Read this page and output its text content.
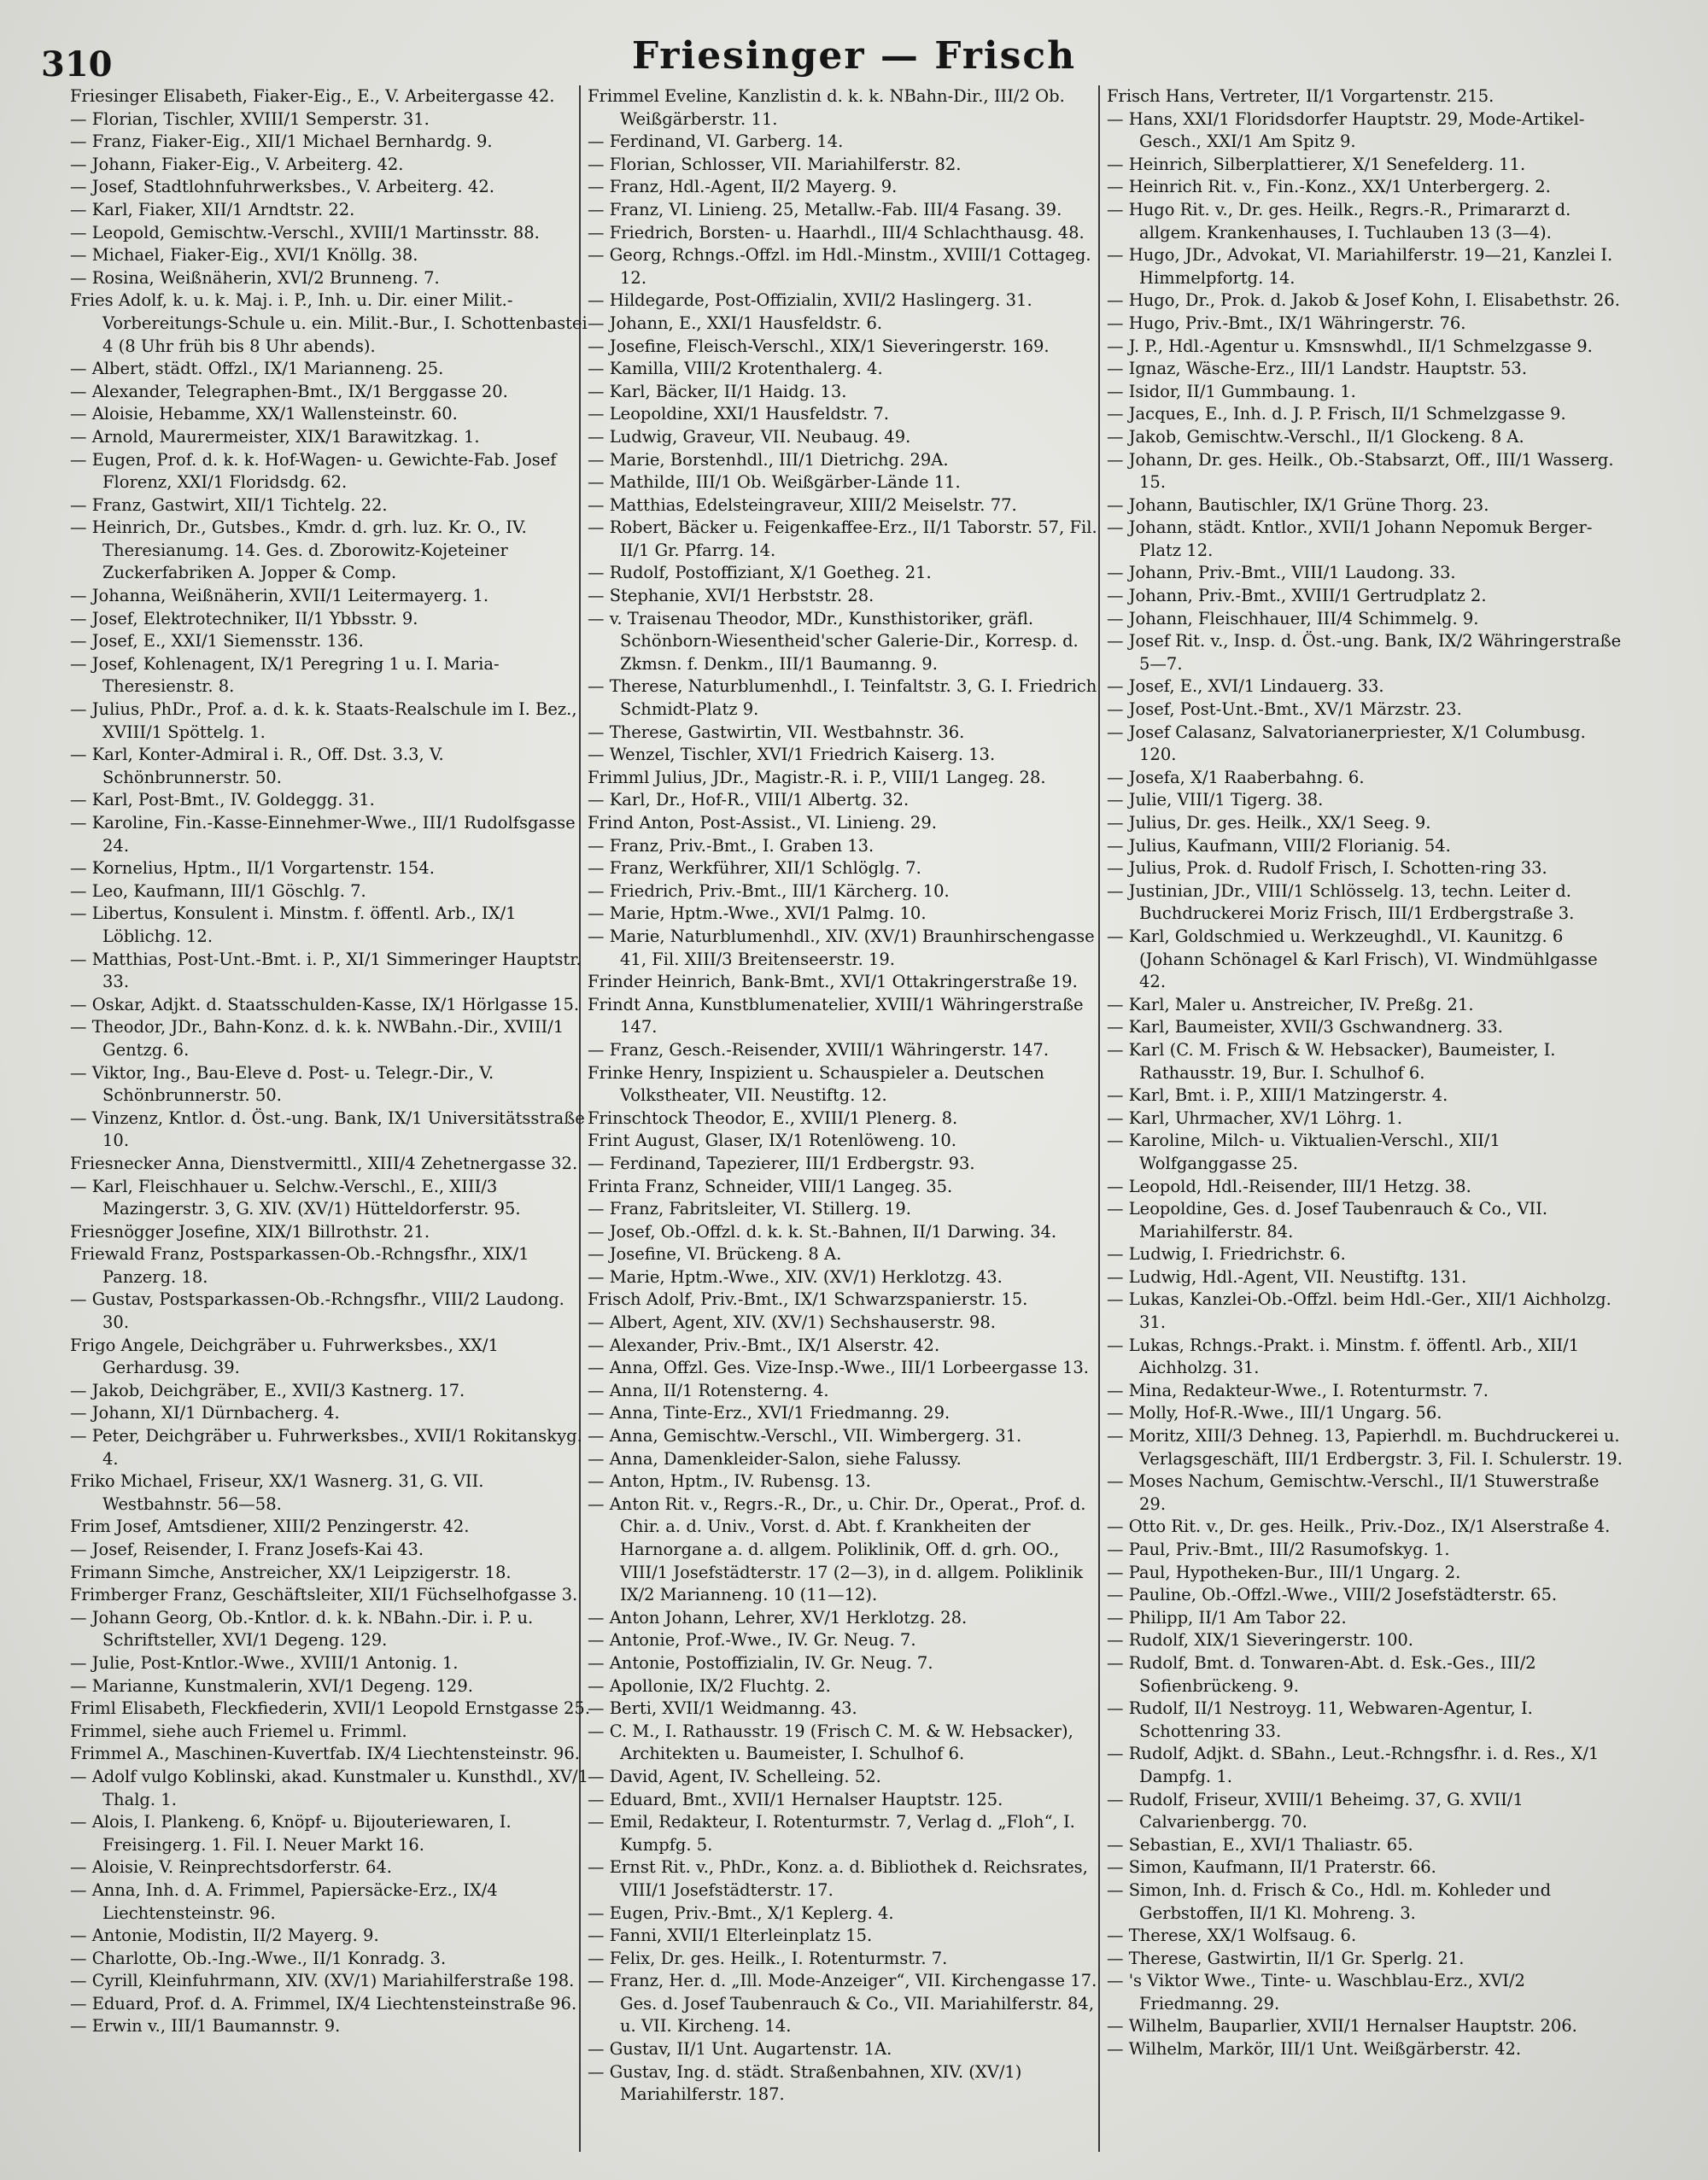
310	Friesinger — Frisch

Friesinger Elisabeth, Fiaker-Eig., E., V. Arbeitergasse 42.

— Florian, Tischler, XVIII/1 Semperstr. 31.

— Franz, Fiaker-Eig., XII/1 Michael Bernhardg. 9.

— Johann, Fiaker-Eig., V. Arbeiterg. 42.

— Josef, Stadtlohnfuhrwerksbes., V. Arbeiterg. 42.

— Karl, Fiaker, XII/1 Arndtstr. 22.

— Leopold, Gemischtw.-Verschl., XVIII/1 Martinsstr. 88.

— Michael, Fiaker-Eig., XVI/1 Knöllg. 38.

— Rosina, Weißnäherin, XVI/2 Brunneng. 7.

Fries Adolf, k. u. k. Maj. i. P., Inh. u. Dir. einer Milit.-Vorbereitungs-Schule u. ein. Milit.-Bur., I. Schottenbastei 4 (8 Uhr früh bis 8 Uhr abends).

— Albert, städt. Offzl., IX/1 Marianneng. 25.

— Alexander, Telegraphen-Bmt., IX/1 Berggasse 20.

— Aloisie, Hebamme, XX/1 Wallensteinstr. 60.

— Arnold, Maurermeister, XIX/1 Barawitzkag. 1.

— Eugen, Prof. d. k. k. Hof-Wagen- u. Gewichte-Fab. Josef Florenz, XXI/1 Floridsdg. 62.

— Franz, Gastwirt, XII/1 Tichtelg. 22.

— Heinrich, Dr., Gutsbes., Kmdr. d. grh. luz. Kr. O., IV. Theresianumg. 14. Ges. d. Zborowitz-Kojeteiner Zuckerfabriken A. Jopper & Comp.

— Johanna, Weißnäherin, XVII/1 Leitermayerg. 1.

— Josef, Elektrotechniker, II/1 Ybbsstr. 9.

— Josef, E., XXI/1 Siemensstr. 136.

— Josef, Kohlenagent, IX/1 Peregring 1 u. I. Maria-Theresienstr. 8.

— Julius, PhDr., Prof. a. d. k. k. Staats-Realschule im I. Bez., XVIII/1 Spöttelg. 1.

— Karl, Konter-Admiral i. R., Off. Dst. 3.3, V. Schönbrunnerstr. 50.

— Karl, Post-Bmt., IV. Goldeggg. 31.

— Karoline, Fin.-Kasse-Einnehmer-Wwe., III/1 Rudolfsgasse 24.

— Kornelius, Hptm., II/1 Vorgartenstr. 154.

— Leo, Kaufmann, III/1 Göschlg. 7.

— Libertus, Konsulent i. Minstm. f. öffentl. Arb., IX/1 Löblichg. 12.

— Matthias, Post-Unt.-Bmt. i. P., XI/1 Simmeringer Hauptstr. 33.

— Oskar, Adjkt. d. Staatsschulden-Kasse, IX/1 Hörlgasse 15.

— Theodor, JDr., Bahn-Konz. d. k. k. NWBahn.-Dir., XVIII/1 Gentzg. 6.

— Viktor, Ing., Bau-Eleve d. Post- u. Telegr.-Dir., V. Schönbrunnerstr. 50.

— Vinzenz, Kntlor. d. Öst.-ung. Bank, IX/1 Universitätsstraße 10.

Friesnecker Anna, Dienstvermittl., XIII/4 Zehetnergasse 32.

— Karl, Fleischhauer u. Selchw.-Verschl., E., XIII/3 Mazingerstr. 3, G. XIV. (XV/1) Hütteldorferstr. 95.

Friesnögger Josefine, XIX/1 Billrothstr. 21.

Friewald Franz, Postsparkassen-Ob.-Rchngsfhr., XIX/1 Panzerg. 18.

— Gustav, Postsparkassen-Ob.-Rchngsfhr., VIII/2 Laudong. 30.

Frigo Angele, Deichgräber u. Fuhrwerksbes., XX/1 Gerhardusg. 39.

— Jakob, Deichgräber, E., XVII/3 Kastnerg. 17.

— Johann, XI/1 Dürnbacherg. 4.

— Peter, Deichgräber u. Fuhrwerksbes., XVII/1 Rokitanskyg. 4.

Friko Michael, Friseur, XX/1 Wasnerg. 31, G. VII. Westbahnstr. 56—58.

Frim Josef, Amtsdiener, XIII/2 Penzingerstr. 42.

— Josef, Reisender, I. Franz Josefs-Kai 43.

Frimann Simche, Anstreicher, XX/1 Leipzigerstr. 18.

Frimberger Franz, Geschäftsleiter, XII/1 Füchselhofgasse 3.

— Johann Georg, Ob.-Kntlor. d. k. k. NBahn.-Dir. i. P. u. Schriftsteller, XVI/1 Degeng. 129.

— Julie, Post-Kntlor.-Wwe., XVIII/1 Antonig. 1.

— Marianne, Kunstmalerin, XVI/1 Degeng. 129.

Friml Elisabeth, Fleckfiederin, XVII/1 Leopold Ernstgasse 25.

Frimmel, siehe auch Friemel u. Frimml.

Frimmel A., Maschinen-Kuvertfab. IX/4 Liechtensteinstr. 96.

— Adolf vulgo Koblinski, akad. Kunstmaler u. Kunsthdl., XV/1 Thalg. 1.

— Alois, I. Plankeng. 6, Knöpf- u. Bijouteriewaren, I. Freisingerg. 1. Fil. I. Neuer Markt 16.

— Aloisie, V. Reinprechtsdorferstr. 64.

— Anna, Inh. d. A. Frimmel, Papiersäcke-Erz., IX/4 Liechtensteinstr. 96.

— Antonie, Modistin, II/2 Mayerg. 9.

— Charlotte, Ob.-Ing.-Wwe., II/1 Konradg. 3.

— Cyrill, Kleinfuhrmann, XIV. (XV/1) Mariahilferstraße 198.

— Eduard, Prof. d. A. Frimmel, IX/4 Liechtensteinstraße 96.

— Erwin v., III/1 Baumannstr. 9.

Frimmel Eveline, Kanzlistin d. k. k. NBahn-Dir., III/2 Ob. Weißgärberstr. 11.

— Ferdinand, VI. Garberg. 14.

— Florian, Schlosser, VII. Mariahilferstr. 82.

— Franz, Hdl.-Agent, II/2 Mayerg. 9.

— Franz, VI. Linieng. 25, Metallw.-Fab. III/4 Fasang. 39.

— Friedrich, Borsten- u. Haarhdl., III/4 Schlachthausg. 48.

— Georg, Rchngs.-Offzl. im Hdl.-Minstm., XVIII/1 Cottageg. 12.

— Hildegarde, Post-Offizialin, XVII/2 Haslingerg. 31.

— Johann, E., XXI/1 Hausfeldstr. 6.

— Josefine, Fleisch-Verschl., XIX/1 Sieveringerstr. 169.

— Kamilla, VIII/2 Krotenthalerg. 4.

— Karl, Bäcker, II/1 Haidg. 13.

— Leopoldine, XXI/1 Hausfeldstr. 7.

— Ludwig, Graveur, VII. Neubaug. 49.

— Marie, Borstenhdl., III/1 Dietrichg. 29A.

— Mathilde, III/1 Ob. Weißgärber-Lände 11.

— Matthias, Edelsteingraveur, XIII/2 Meiselstr. 77.

— Robert, Bäcker u. Feigenkaffee-Erz., II/1 Taborstr. 57, Fil. II/1 Gr. Pfarrg. 14.

— Rudolf, Postoffiziant, X/1 Goetheg. 21.

— Stephanie, XVI/1 Herbststr. 28.

— v. Traisenau Theodor, MDr., Kunsthistoriker, gräfl. Schönborn-Wiesentheid'scher Galerie-Dir., Korresp. d. Zkmsn. f. Denkm., III/1 Baumanng. 9.

— Therese, Naturblumenhdl., I. Teinfaltstr. 3, G. I. Friedrich Schmidt-Platz 9.

— Therese, Gastwirtin, VII. Westbahnstr. 36.

— Wenzel, Tischler, XVI/1 Friedrich Kaiserg. 13.

Frimml Julius, JDr., Magistr.-R. i. P., VIII/1 Langeg. 28.

— Karl, Dr., Hof-R., VIII/1 Albertg. 32.

Frind Anton, Post-Assist., VI. Linieng. 29.

— Franz, Priv.-Bmt., I. Graben 13.

— Franz, Werkführer, XII/1 Schlöglg. 7.

— Friedrich, Priv.-Bmt., III/1 Kärcherg. 10.

— Marie, Hptm.-Wwe., XVI/1 Palmg. 10.

— Marie, Naturblumenhdl., XIV. (XV/1) Braunhirschengasse 41, Fil. XIII/3 Breitenseerstr. 19.

Frinder Heinrich, Bank-Bmt., XVI/1 Ottakringerstraße 19.

Frindt Anna, Kunstblumenatelier, XVIII/1 Währingerstraße 147.

— Franz, Gesch.-Reisender, XVIII/1 Währingerstr. 147.

Frinke Henry, Inspizient u. Schauspieler a. Deutschen Volkstheater, VII. Neustiftg. 12.

Frinschtock Theodor, E., XVIII/1 Plenerg. 8.

Frint August, Glaser, IX/1 Rotenlöweng. 10.

— Ferdinand, Tapezierer, III/1 Erdbergstr. 93.

Frinta Franz, Schneider, VIII/1 Langeg. 35.

— Franz, Fabritsleiter, VI. Stillerg. 19.

— Josef, Ob.-Offzl. d. k. k. St.-Bahnen, II/1 Darwing. 34.

— Josefine, VI. Brückeng. 8 A.

— Marie, Hptm.-Wwe., XIV. (XV/1) Herklotzg. 43.

Frisch Adolf, Priv.-Bmt., IX/1 Schwarzspanierstr. 15.

— Albert, Agent, XIV. (XV/1) Sechshauserstr. 98.

— Alexander, Priv.-Bmt., IX/1 Alserstr. 42.

— Anna, Offzl. Ges. Vize-Insp.-Wwe., III/1 Lorbeergasse 13.

— Anna, II/1 Rotensterng. 4.

— Anna, Tinte-Erz., XVI/1 Friedmanng. 29.

— Anna, Gemischtw.-Verschl., VII. Wimbergerg. 31.

— Anna, Damenkleider-Salon, siehe Falussy.

— Anton, Hptm., IV. Rubensg. 13.

— Anton Rit. v., Regrs.-R., Dr., u. Chir. Dr., Operat., Prof. d. Chir. a. d. Univ., Vorst. d. Abt. f. Krankheiten der Harnorgane a. d. allgem. Poliklinik, Off. d. grh. OO., VIII/1 Josefstädterstr. 17 (2—3), in d. allgem. Poliklinik IX/2 Marianneng. 10 (11—12).

— Anton Johann, Lehrer, XV/1 Herklotzg. 28.

— Antonie, Prof.-Wwe., IV. Gr. Neug. 7.

— Antonie, Postoffizialin, IV. Gr. Neug. 7.

— Apollonie, IX/2 Fluchtg. 2.

— Berti, XVII/1 Weidmanng. 43.

— C. M., I. Rathausstr. 19 (Frisch C. M. & W. Hebsacker), Architekten u. Baumeister, I. Schulhof 6.

— David, Agent, IV. Schelleing. 52.

— Eduard, Bmt., XVII/1 Hernalser Hauptstr. 125.

— Emil, Redakteur, I. Rotenturmstr. 7, Verlag d. „Floh“, I. Kumpfg. 5.

— Ernst Rit. v., PhDr., Konz. a. d. Bibliothek d. Reichsrates, VIII/1 Josefstädterstr. 17.

— Eugen, Priv.-Bmt., X/1 Keplerg. 4.

— Fanni, XVII/1 Elterleinplatz 15.

— Felix, Dr. ges. Heilk., I. Rotenturmstr. 7.

— Franz, Her. d. „Ill. Mode-Anzeiger“, VII. Kirchengasse 17. Ges. d. Josef Taubenrauch & Co., VII. Mariahilferstr. 84, u. VII. Kircheng. 14.

— Gustav, II/1 Unt. Augartenstr. 1A.

— Gustav, Ing. d. städt. Straßenbahnen, XIV. (XV/1) Mariahilferstr. 187.

Frisch Hans, Vertreter, II/1 Vorgartenstr. 215.

— Hans, XXI/1 Floridsdorfer Hauptstr. 29, Mode-Artikel-Gesch., XXI/1 Am Spitz 9.

— Heinrich, Silberplattierer, X/1 Senefelderg. 11.

— Heinrich Rit. v., Fin.-Konz., XX/1 Unterbergerg. 2.

— Hugo Rit. v., Dr. ges. Heilk., Regrs.-R., Primararzt d. allgem. Krankenhauses, I. Tuchlauben 13 (3—4).

— Hugo, JDr., Advokat, VI. Mariahilferstr. 19—21, Kanzlei I. Himmelpfortg. 14.

— Hugo, Dr., Prok. d. Jakob & Josef Kohn, I. Elisabethstr. 26.

— Hugo, Priv.-Bmt., IX/1 Währingerstr. 76.

— J. P., Hdl.-Agentur u. Kmsnswhdl., II/1 Schmelzgasse 9.

— Ignaz, Wäsche-Erz., III/1 Landstr. Hauptstr. 53.

— Isidor, II/1 Gummbaung. 1.

— Jacques, E., Inh. d. J. P. Frisch, II/1 Schmelzgasse 9.

— Jakob, Gemischtw.-Verschl., II/1 Glockeng. 8 A.

— Johann, Dr. ges. Heilk., Ob.-Stabsarzt, Off., III/1 Wasserg. 15.

— Johann, Bautischler, IX/1 Grüne Thorg. 23.

— Johann, städt. Kntlor., XVII/1 Johann Nepomuk Berger-Platz 12.

— Johann, Priv.-Bmt., VIII/1 Laudong. 33.

— Johann, Priv.-Bmt., XVIII/1 Gertrudplatz 2.

— Johann, Fleischhauer, III/4 Schimmelg. 9.

— Josef Rit. v., Insp. d. Öst.-ung. Bank, IX/2 Währingerstraße 5—7.

— Josef, E., XVI/1 Lindauerg. 33.

— Josef, Post-Unt.-Bmt., XV/1 Märzstr. 23.

— Josef Calasanz, Salvatorianerpriester, X/1 Columbusg. 120.

— Josefa, X/1 Raaberbahng. 6.

— Julie, VIII/1 Tigerg. 38.

— Julius, Dr. ges. Heilk., XX/1 Seeg. 9.

— Julius, Kaufmann, VIII/2 Florianig. 54.

— Julius, Prok. d. Rudolf Frisch, I. Schotten-ring 33.

— Justinian, JDr., VIII/1 Schlösselg. 13, techn. Leiter d. Buchdruckerei Moriz Frisch, III/1 Erdbergstraße 3.

— Karl, Goldschmied u. Werkzeughdl., VI. Kaunitzg. 6 (Johann Schönagel & Karl Frisch), VI. Windmühlgasse 42.

— Karl, Maler u. Anstreicher, IV. Preßg. 21.

— Karl, Baumeister, XVII/3 Gschwandnerg. 33.

— Karl (C. M. Frisch & W. Hebsacker), Baumeister, I. Rathausstr. 19, Bur. I. Schulhof 6.

— Karl, Bmt. i. P., XIII/1 Matzingerstr. 4.

— Karl, Uhrmacher, XV/1 Löhrg. 1.

— Karoline, Milch- u. Viktualien-Verschl., XII/1 Wolfganggasse 25.

— Leopold, Hdl.-Reisender, III/1 Hetzg. 38.

— Leopoldine, Ges. d. Josef Taubenrauch & Co., VII. Mariahilferstr. 84.

— Ludwig, I. Friedrichstr. 6.

— Ludwig, Hdl.-Agent, VII. Neustiftg. 131.

— Lukas, Kanzlei-Ob.-Offzl. beim Hdl.-Ger., XII/1 Aichholzg. 31.

— Lukas, Rchngs.-Prakt. i. Minstm. f. öffentl. Arb., XII/1 Aichholzg. 31.

— Mina, Redakteur-Wwe., I. Rotenturmstr. 7.

— Molly, Hof-R.-Wwe., III/1 Ungarg. 56.

— Moritz, XIII/3 Dehneg. 13, Papierhdl. m. Buchdruckerei u. Verlagsgeschäft, III/1 Erdbergstr. 3, Fil. I. Schulerstr. 19.

— Moses Nachum, Gemischtw.-Verschl., II/1 Stuwerstraße 29.

— Otto Rit. v., Dr. ges. Heilk., Priv.-Doz., IX/1 Alserstraße 4.

— Paul, Priv.-Bmt., III/2 Rasumofskyg. 1.

— Paul, Hypotheken-Bur., III/1 Ungarg. 2.

— Pauline, Ob.-Offzl.-Wwe., VIII/2 Josefstädterstr. 65.

— Philipp, II/1 Am Tabor 22.

— Rudolf, XIX/1 Sieveringerstr. 100.

— Rudolf, Bmt. d. Tonwaren-Abt. d. Esk.-Ges., III/2 Sofienbrückeng. 9.

— Rudolf, II/1 Nestroyg. 11, Webwaren-Agentur, I. Schottenring 33.

— Rudolf, Adjkt. d. SBahn., Leut.-Rchngsfhr. i. d. Res., X/1 Dampfg. 1.

— Rudolf, Friseur, XVIII/1 Beheimg. 37, G. XVII/1 Calvarienbergg. 70.

— Sebastian, E., XVI/1 Thaliastr. 65.

— Simon, Kaufmann, II/1 Praterstr. 66.

— Simon, Inh. d. Frisch & Co., Hdl. m. Kohleder und Gerbstoffen, II/1 Kl. Mohreng. 3.

— Therese, XX/1 Wolfsaug. 6.

— Therese, Gastwirtin, II/1 Gr. Sperlg. 21.

— 's Viktor Wwe., Tinte- u. Waschblau-Erz., XVI/2 Friedmanng. 29.

— Wilhelm, Bauparlier, XVII/1 Hernalser Hauptstr. 206.

— Wilhelm, Markör, III/1 Unt. Weißgärberstr. 42.
